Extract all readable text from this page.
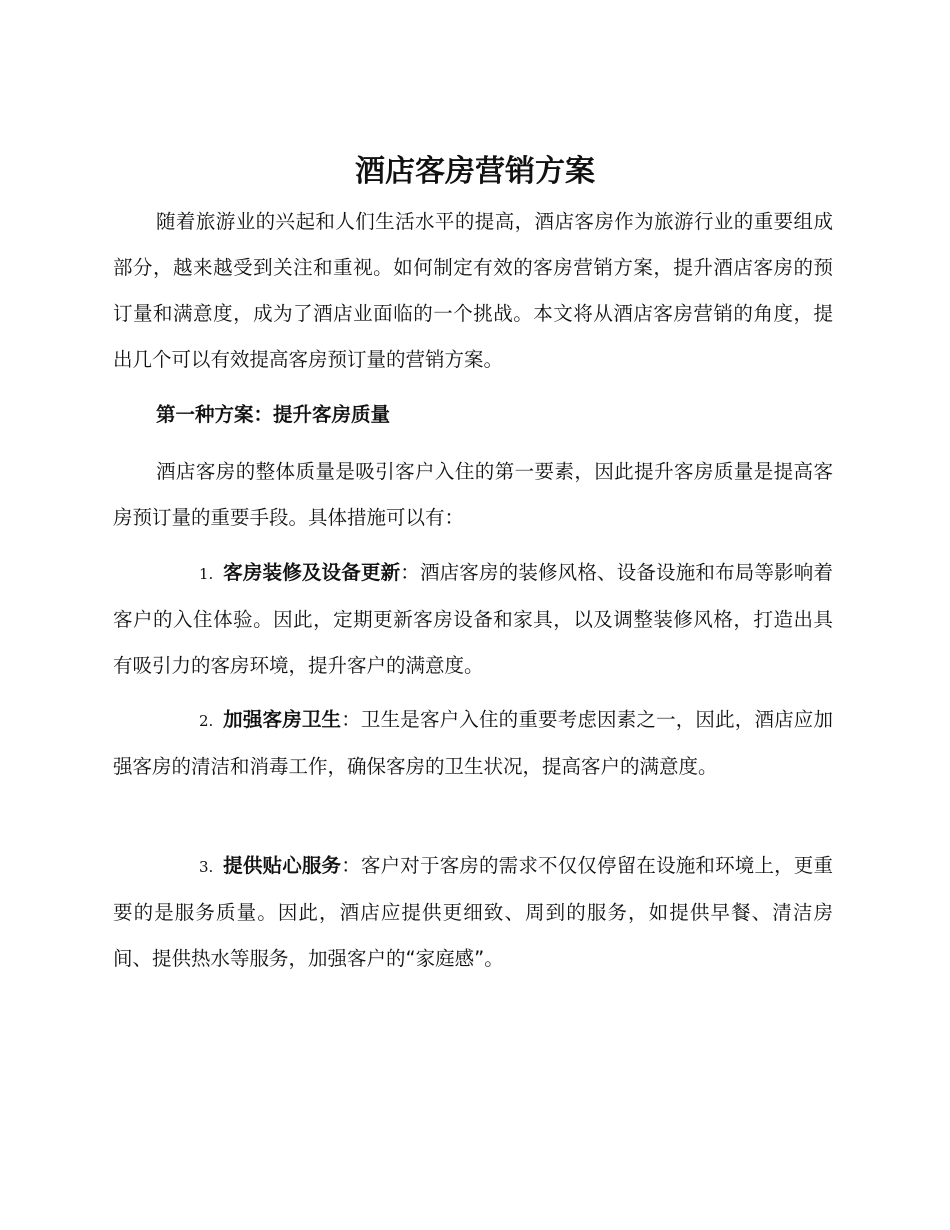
酒店客房营销方案

随着旅游业的兴起和人们生活水平的提高，酒店客房作为旅游行业的重要组成部分，越来越受到关注和重视。如何制定有效的客房营销方案，提升酒店客房的预订量和满意度，成为了酒店业面临的一个挑战。本文将从酒店客房营销的角度，提出几个可以有效提高客房预订量的营销方案。

第一种方案：提升客房质量

酒店客房的整体质量是吸引客户入住的第一要素，因此提升客房质量是提高客房预订量的重要手段。具体措施可以有：

1. 客房装修及设备更新：酒店客房的装修风格、设备设施和布局等影响着客户的入住体验。因此，定期更新客房设备和家具，以及调整装修风格，打造出具有吸引力的客房环境，提升客户的满意度。

2. 加强客房卫生：卫生是客户入住的重要考虑因素之一，因此，酒店应加强客房的清洁和消毒工作，确保客房的卫生状况，提高客户的满意度。

3. 提供贴心服务：客户对于客房的需求不仅仅停留在设施和环境上，更重要的是服务质量。因此，酒店应提供更细致、周到的服务，如提供早餐、清洁房间、提供热水等服务，加强客户的“家庭感”。
